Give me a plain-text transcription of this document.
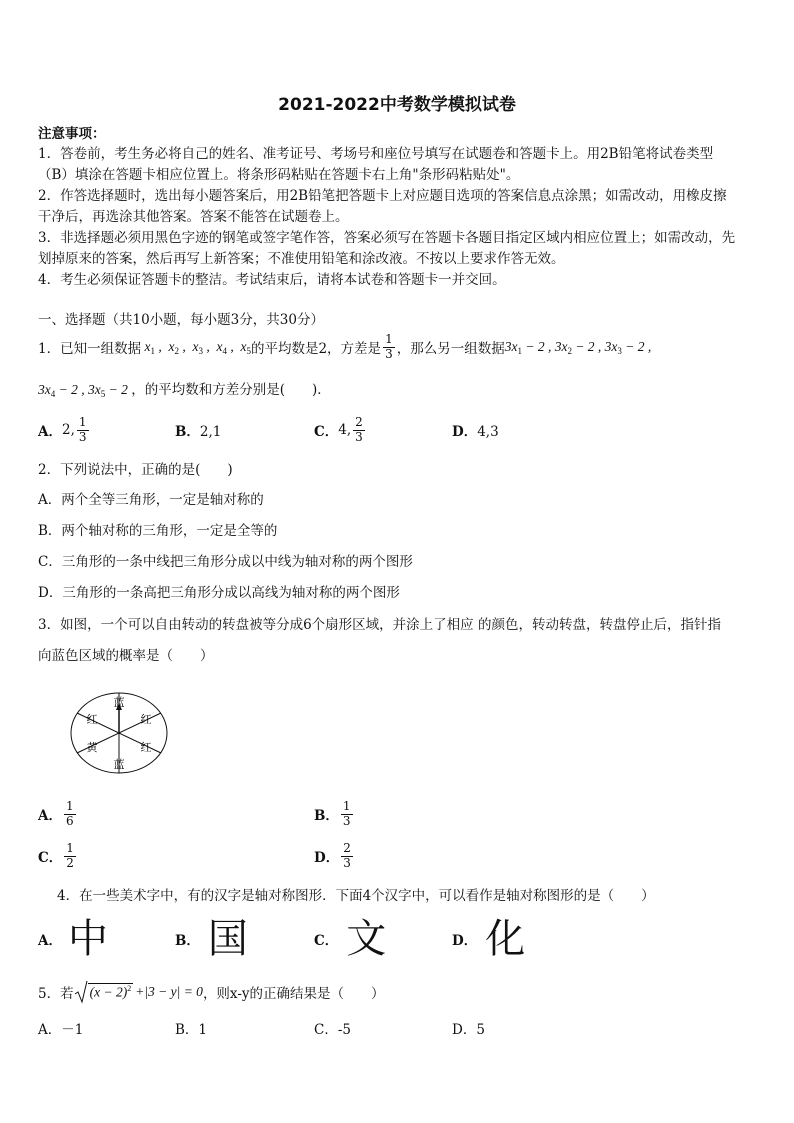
2021-2022中考数学模拟试卷
注意事项：
1．答卷前，考生务必将自己的姓名、准考证号、考场号和座位号填写在试题卷和答题卡上。用2B铅笔将试卷类型
（B）填涂在答题卡相应位置上。将条形码粘贴在答题卡右上角"条形码粘贴处"。
2．作答选择题时，选出每小题答案后，用2B铅笔把答题卡上对应题目选项的答案信息点涂黑；如需改动，用橡皮擦
干净后，再选涂其他答案。答案不能答在试题卷上。
3．非选择题必须用黑色字迹的钢笔或签字笔作答，答案必须写在答题卡各题目指定区域内相应位置上；如需改动，先
划掉原来的答案，然后再写上新答案；不准使用铅笔和涂改液。不按以上要求作答无效。
4．考生必须保证答题卡的整洁。考试结束后，请将本试卷和答题卡一并交回。
一、选择题（共10小题，每小题3分，共30分）
1．已知一组数据 $x_1$ ,  $x_2$ ,  $x_3$ ,  $x_4$ ,  $x_5$ 的平均数是2，方差是 $\frac{1}{3}$ ，那么另一组数据 $3x_1 - 2$ , $3x_2 - 2$ , $3x_3 - 2$ ,
$3x_4 - 2$ , $3x_5 - 2$ ，的平均数和方差分别是(　　)．
A． 2, $\frac{1}{3}$	B．2,1	C． 4, $\frac{2}{3}$	D．4,3
2．下列说法中，正确的是(　　)
A．两个全等三角形，一定是轴对称的
B．两个轴对称的三角形，一定是全等的
C．三角形的一条中线把三角形分成以中线为轴对称的两个图形
D．三角形的一条高把三角形分成以高线为轴对称的两个图形
3．如图，一个可以自由转动的转盘被等分成6个扇形区域，并涂上了相应 的颜色，转动转盘，转盘停止后，指针指
向蓝色区域的概率是（　　）
蓝
红
红
蓝
黄
红
A． $\frac{1}{6}$	B． $\frac{1}{3}$
C． $\frac{1}{2}$	D． $\frac{2}{3}$
4．在一些美术字中，有的汉字是轴对称图形．下面4个汉字中，可以看作是轴对称图形的是（　　）
A． 中	B． 国	C． 文	D． 化
5．若 $(x - 2)^2 +|3 - y| = 0$ ，则x-y的正确结果是（　　）
A．－1	B．1	C．-5	D．5
